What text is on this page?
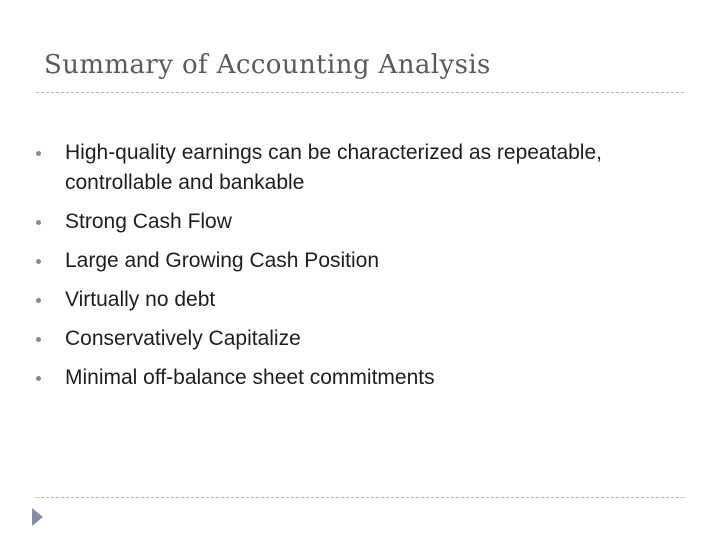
Summary of Accounting Analysis
High-quality earnings can be characterized as repeatable, controllable and bankable
Strong Cash Flow
Large and Growing Cash Position
Virtually no debt
Conservatively Capitalize
Minimal off-balance sheet commitments
